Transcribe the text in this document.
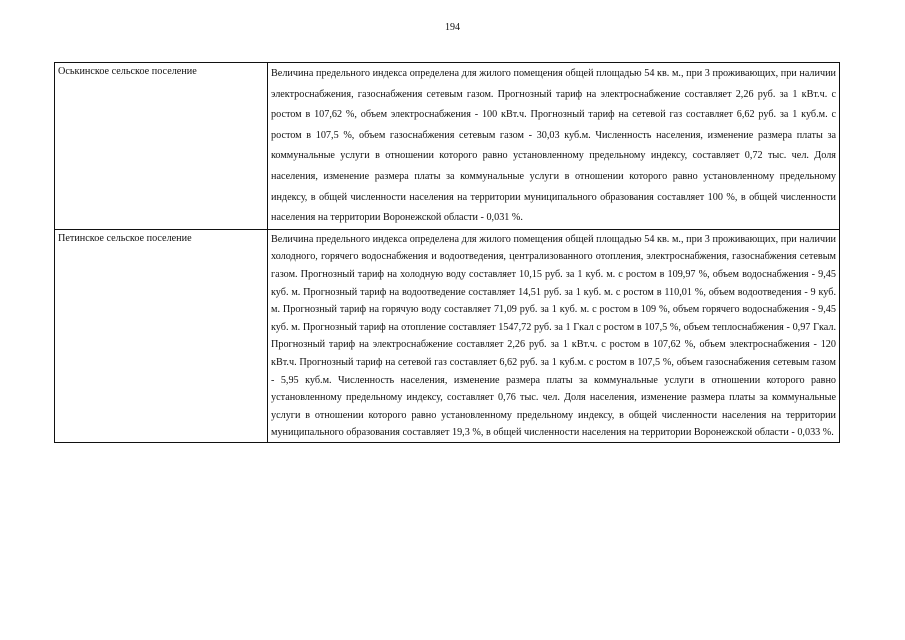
194
Оськинское сельское поселение	Величина предельного индекса определена для жилого помещения общей площадью 54 кв. м., при 3 проживающих, при наличии электроснабжения, газоснабжения сетевым газом. Прогнозный тариф на электроснабжение составляет 2,26 руб. за 1 кВт.ч. с ростом в 107,62 %, объем электроснабжения - 100 кВт.ч. Прогнозный тариф на сетевой газ составляет 6,62 руб. за 1 куб.м. с ростом в 107,5 %, объем газоснабжения сетевым газом - 30,03 куб.м. Численность населения, изменение размера платы за коммунальные услуги в отношении которого равно установленному предельному индексу, составляет 0,72 тыс. чел. Доля населения, изменение размера платы за коммунальные услуги в отношении которого равно установленному предельному индексу, в общей численности населения на территории муниципального образования составляет 100 %, в общей численности населения на территории Воронежской области - 0,031 %.
Петинское сельское поселение	Величина предельного индекса определена для жилого помещения общей площадью 54 кв. м., при 3 проживающих, при наличии холодного, горячего водоснабжения и водоотведения, централизованного отопления, электроснабжения, газоснабжения сетевым газом. Прогнозный тариф на холодную воду составляет 10,15 руб. за 1 куб. м. с ростом в 109,97 %, объем водоснабжения - 9,45 куб. м. Прогнозный тариф на водоотведение составляет 14,51 руб. за 1 куб. м. с ростом в 110,01 %, объем водоотведения - 9 куб. м. Прогнозный тариф на горячую воду составляет 71,09 руб. за 1 куб. м. с ростом в 109 %, объем горячего водоснабжения - 9,45 куб. м. Прогнозный тариф на отопление составляет 1547,72 руб. за 1 Гкал с ростом в 107,5 %, объем теплоснабжения - 0,97 Гкал. Прогнозный тариф на электроснабжение составляет 2,26 руб. за 1 кВт.ч. с ростом в 107,62 %, объем электроснабжения - 120 кВт.ч. Прогнозный тариф на сетевой газ составляет 6,62 руб. за 1 куб.м. с ростом в 107,5 %, объем газоснабжения сетевым газом - 5,95 куб.м. Численность населения, изменение размера платы за коммунальные услуги в отношении которого равно установленному предельному индексу, составляет 0,76 тыс. чел. Доля населения, изменение размера платы за коммунальные услуги в отношении которого равно установленному предельному индексу, в общей численности населения на территории муниципального образования составляет 19,3 %, в общей численности населения на территории Воронежской области - 0,033 %.
